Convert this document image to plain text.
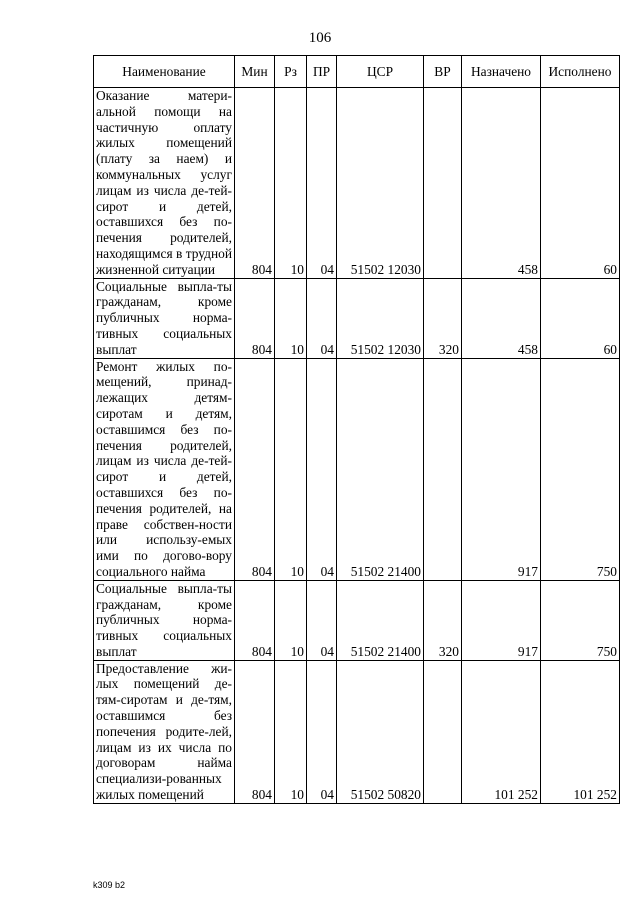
106
Наименование	Мин	Рз	ПР	ЦСР	ВР	Назначено	Исполнено
Оказание матери-альной помощи на частичную оплату жилых помещений (плату за наем) и коммунальных услуг лицам из числа де-тей-сирот и детей, оставшихся без по-печения родителей, находящимся в трудной жизненной ситуации	804	10	04	51502 12030		458	60
Социальные выпла-ты гражданам, кроме публичных норма-тивных социальных выплат	804	10	04	51502 12030	320	458	60
Ремонт жилых по-мещений, принад-лежащих детям-сиротам и детям, оставшимся без по-печения родителей, лицам из числа де-тей-сирот и детей, оставшихся без по-печения родителей, на праве собствен-ности или использу-емых ими по догово-вору социального найма	804	10	04	51502 21400		917	750
Социальные выпла-ты гражданам, кроме публичных норма-тивных социальных выплат	804	10	04	51502 21400	320	917	750
Предоставление жи-лых помещений де-тям-сиротам и де-тям, оставшимся без попечения родите-лей, лицам из их числа по договорам найма специализи-рованных жилых помещений	804	10	04	51502 50820		101 252	101 252
k309 b2
